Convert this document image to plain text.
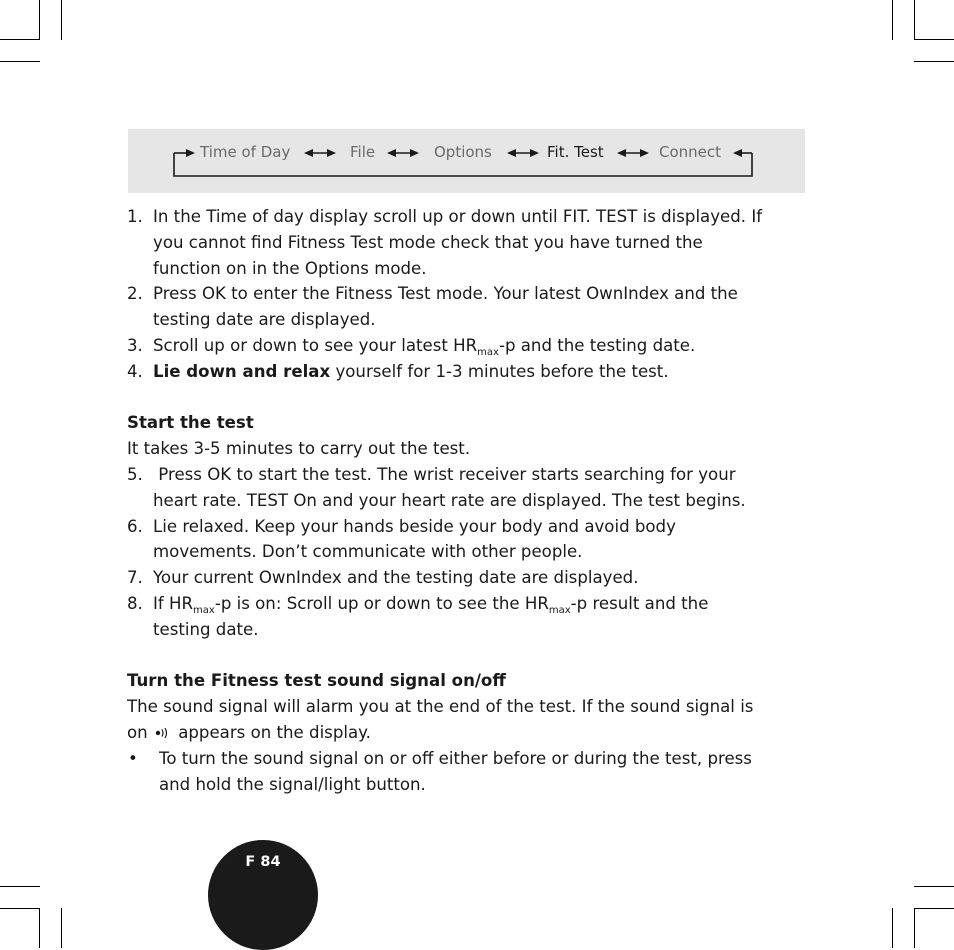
Time of Day	File	Options	Fit. Test	Connect
1. In the Time of day display scroll up or down until FIT. TEST is displayed. If
you cannot find Fitness Test mode check that you have turned the
function on in the Options mode.
2. Press OK to enter the Fitness Test mode. Your latest OwnIndex and the
testing date are displayed.
3. Scroll up or down to see your latest $HR_{max}-p$ and the testing date.
4. Lie down and relax yourself for 1-3 minutes before the test.
Start the test
It takes 3-5 minutes to carry out the test.
5. Press OK to start the test. The wrist receiver starts searching for your
heart rate. TEST On and your heart rate are displayed. The test begins.
6. Lie relaxed. Keep your hands beside your body and avoid body
movements. Don’t communicate with other people.
7. Your current OwnIndex and the testing date are displayed.
8. If $HR_{max}-p$ is on: Scroll up or down to see the $HR_{max}-p$ result and the
testing date.
Turn the Fitness test sound signal on/off
The sound signal will alarm you at the end of the test. If the sound signal is
on appears on the display.
• To turn the sound signal on or off either before or during the test, press
and hold the signal/light button.
F 84
